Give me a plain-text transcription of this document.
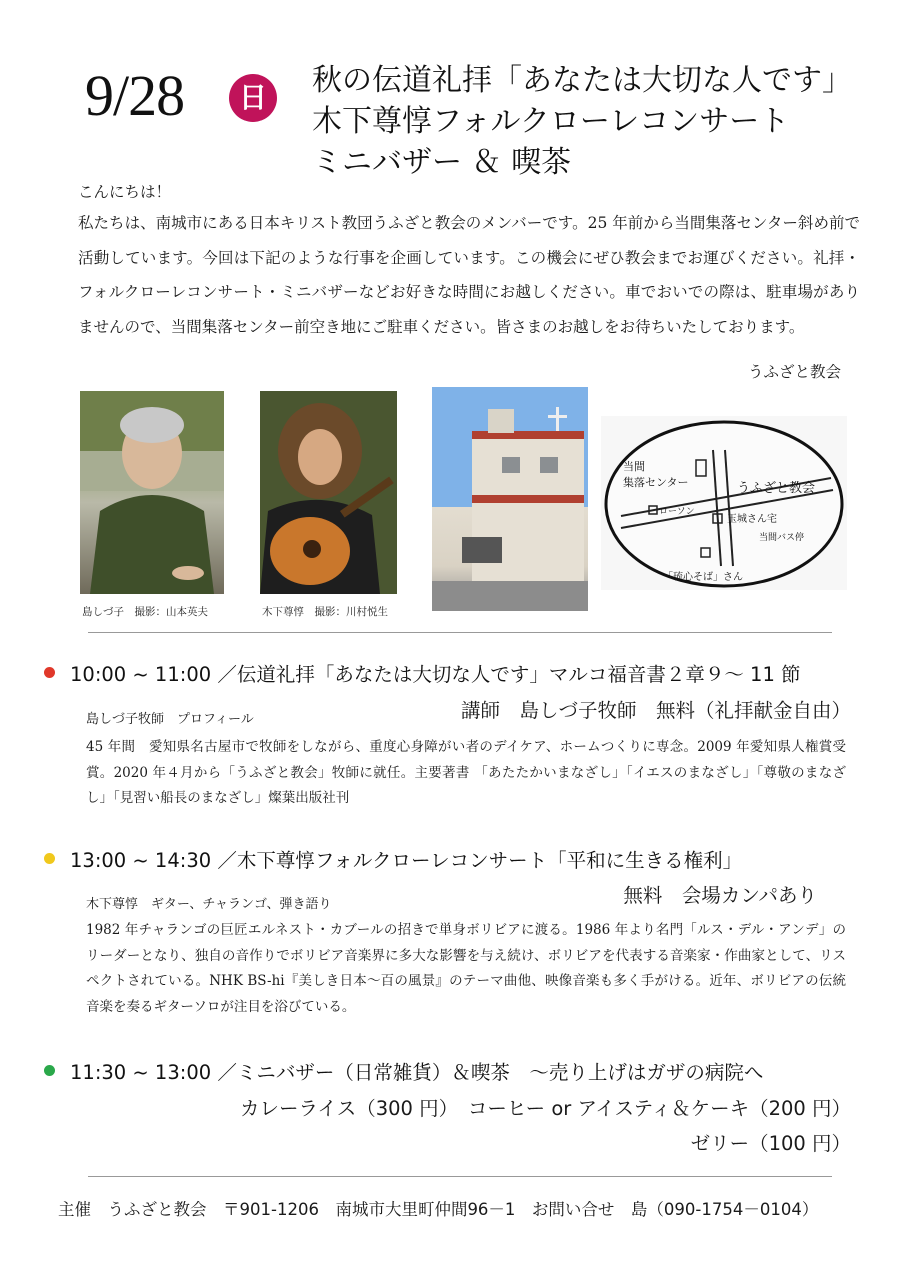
9/28	日	秋の伝道礼拝「あなたは大切な人です」
木下尊惇フォルクローレコンサート
ミニバザー ＆ 喫茶
こんにちは！
私たちは、南城市にある日本キリスト教団うふざと教会のメンバーです。25 年前から当間集落センター斜め前で活動しています。今回は下記のような行事を企画しています。この機会にぜひ教会までお運びください。礼拝・フォルクローレコンサート・ミニバザーなどお好きな時間にお越しください。車でおいでの際は、駐車場がありませんので、当間集落センター前空き地にご駐車ください。皆さまのお越しをお待ちいたしております。
うふざと教会
当間
集落センター
ローソン
うふざと教会
玉城さん宅
当間バス停
「琉心そば」さん
島しづ子　撮影：山本英夫	木下尊惇　撮影：川村悦生
10:00 ~ 11:00 ／伝道礼拝「あなたは大切な人です」マルコ福音書２章９～ 11 節
講師　島しづ子牧師　無料（礼拝献金自由）
島しづ子牧師　プロフィール
45 年間　愛知県名古屋市で牧師をしながら、重度心身障がい者のデイケア、ホームつくりに専念。2009 年愛知県人権賞受賞。2020 年４月から「うふざと教会」牧師に就任。主要著書 「あたたかいまなざし」「イエスのまなざし」「尊敬のまなざし」「見習い船長のまなざし」燦葉出版社刊
13:00 ~ 14:30 ／木下尊惇フォルクローレコンサート「平和に生きる権利」
無料　会場カンパあり
木下尊惇　ギター、チャランゴ、弾き語り
1982 年チャランゴの巨匠エルネスト・カブールの招きで単身ボリビアに渡る。1986 年より名門「ルス・デル・アンデ」のリーダーとなり、独自の音作りでボリビア音楽界に多大な影響を与え続け、ボリビアを代表する音楽家・作曲家として、リスペクトされている。NHK BS-hi『美しき日本〜百の風景』のテーマ曲他、映像音楽も多く手がける。近年、ボリビアの伝統音楽を奏るギターソロが注目を浴びている。
11:30 ~ 13:00 ／ミニバザー（日常雑貨）＆喫茶　～売り上げはガザの病院へ
カレーライス（300 円）　コーヒー or アイスティ＆ケーキ（200 円）
ゼリー（100 円）
主催　うふざと教会　〒901-1206　南城市大里町仲間96－1　お問い合せ　島（090-1754－0104）
